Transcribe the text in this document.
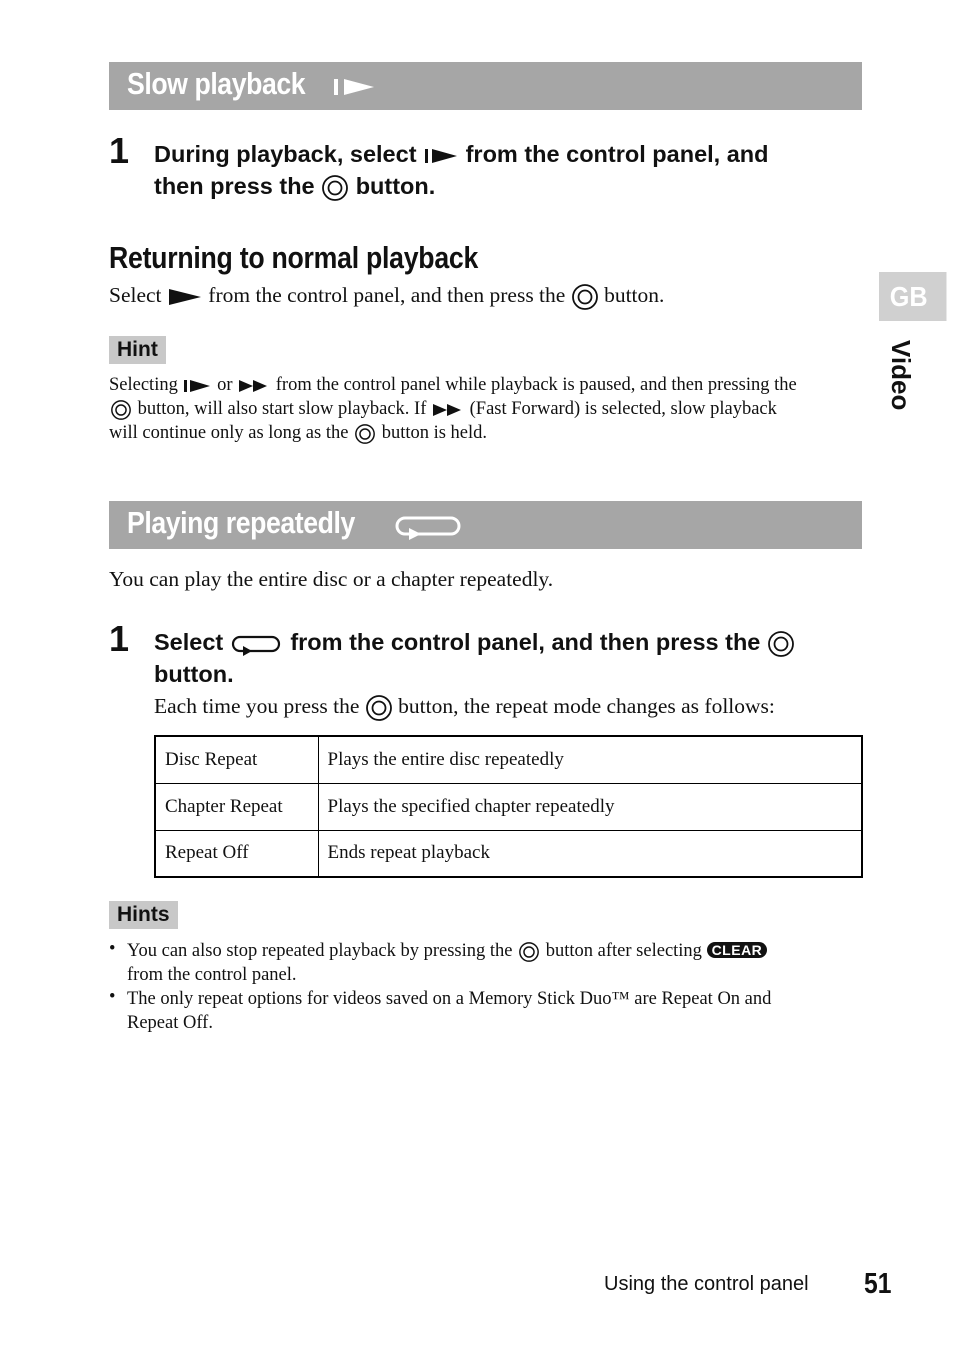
Slow playback
1 During playback, select from the control panel, and
then press the button.
Returning to normal playback
Select from the control panel, and then press the button.
Hint
Selecting or from the control panel while playback is paused, and then pressing the
button, will also start slow playback. If (Fast Forward) is selected, slow playback
will continue only as long as the button is held.
Playing repeatedly
You can play the entire disc or a chapter repeatedly.
1 Select	from the control panel, and then press the
button.
Each time you press the button, the repeat mode changes as follows:
Disc Repeat	Plays the entire disc repeatedly
Chapter Repeat	Plays the specified chapter repeatedly
Repeat Off	Ends repeat playback
Hints
• You can also stop repeated playback by pressing the button after selecting CLEAR
from the control panel.
• The only repeat options for videos saved on a Memory Stick Duo™ are Repeat On and
Repeat Off.
GB
Video
Using the control panel 51
